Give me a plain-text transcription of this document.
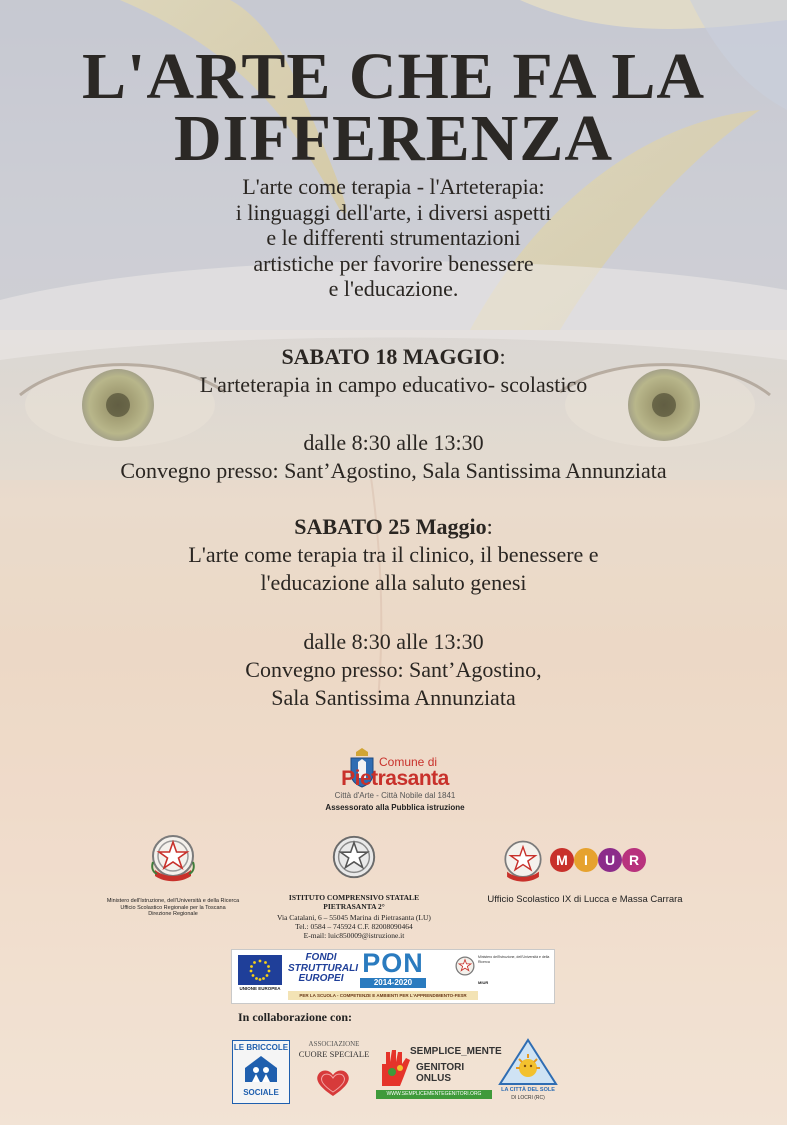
L'ARTE CHE FA LA
DIFFERENZA
L'arte come terapia - l'Arteterapia:
i linguaggi dell'arte, i diversi aspetti
e le differenti strumentazioni
artistiche per favorire benessere
e l'educazione.
SABATO 18 MAGGIO:
L'arteterapia in campo educativo- scolastico
dalle 8:30 alle 13:30
Convegno presso: Sant’Agostino, Sala Santissima Annunziata
SABATO 25 Maggio:
L'arte come terapia tra il clinico, il benessere e
l'educazione alla saluto genesi
dalle 8:30 alle 13:30
Convegno presso: Sant’Agostino,
Sala Santissima Annunziata
Comune di
Pietrasanta
Città d'Arte - Città Nobile dal 1841
Assessorato alla Pubblica istruzione
Ministero dell'Istruzione, dell'Università e della Ricerca
Ufficio Scolastico Regionale per la Toscana
Direzione Regionale
ISTITUTO COMPRENSIVO STATALE
PIETRASANTA 2°
Via Catalani, 6 – 55045 Marina di Pietrasanta (LU)
Tel.: 0584 – 745924 C.F. 82008090464
E-mail: luic850009@istruzione.it
M	I	U R
Ufficio Scolastico IX di Lucca e Massa Carrara
UNIONE EUROPEA
FONDI
STRUTTURALI
EUROPEI
PON
2014-2020
Ministero dell'Istruzione, dell'Università e della Ricerca
MIUR
PER LA SCUOLA - COMPETENZE E AMBIENTI PER L'APPRENDIMENTO-FESR
In collaborazione con:
LE BRICCOLE
SOCIALE
ASSOCIAZIONE
CUORE SPECIALE	SEMPLICE_MENTE
GENITORI ONLUS
WWW.SEMPLICEMENTEGENITORI.ORG
LA CITTÀ DEL SOLE
DI LOCRI (RC)
